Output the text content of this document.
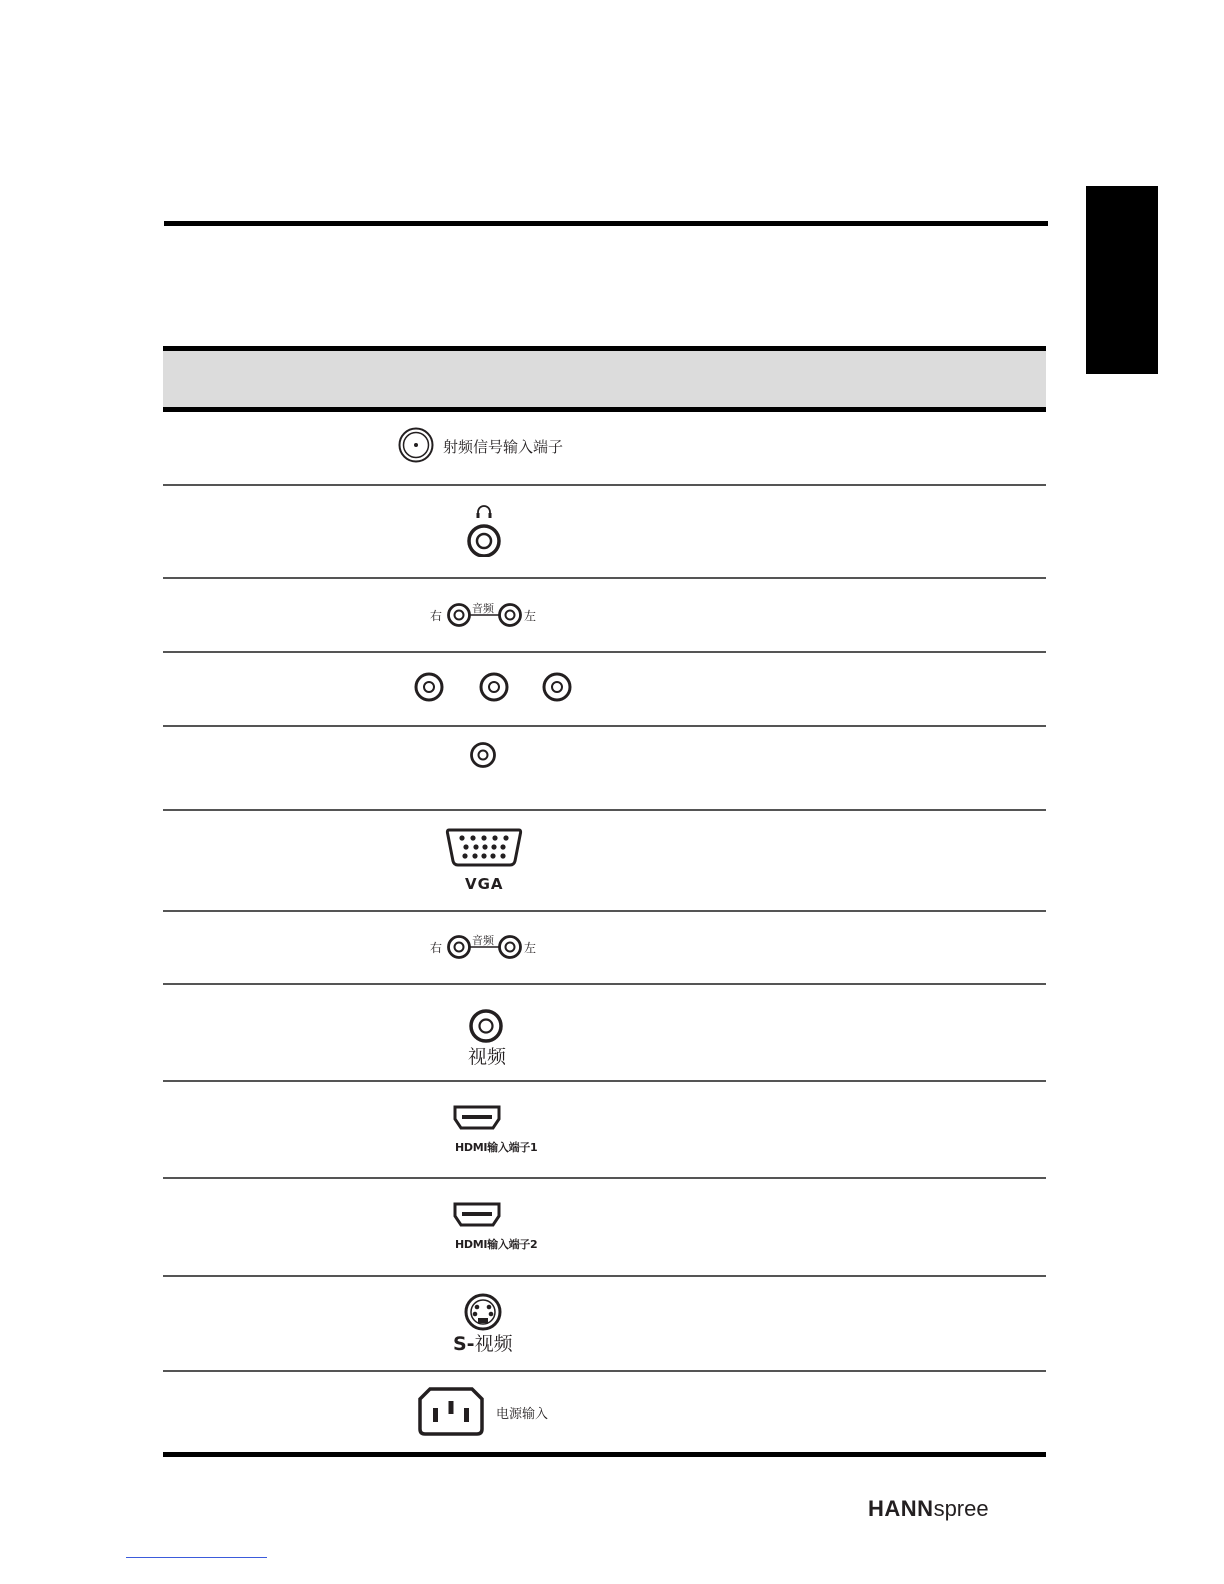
射频信号输入端子
右
音频
左
VGA
右
音频
左
视频
HDMI输入端子1
HDMI输入端子2
S-视频
电源输入
HANNspree
